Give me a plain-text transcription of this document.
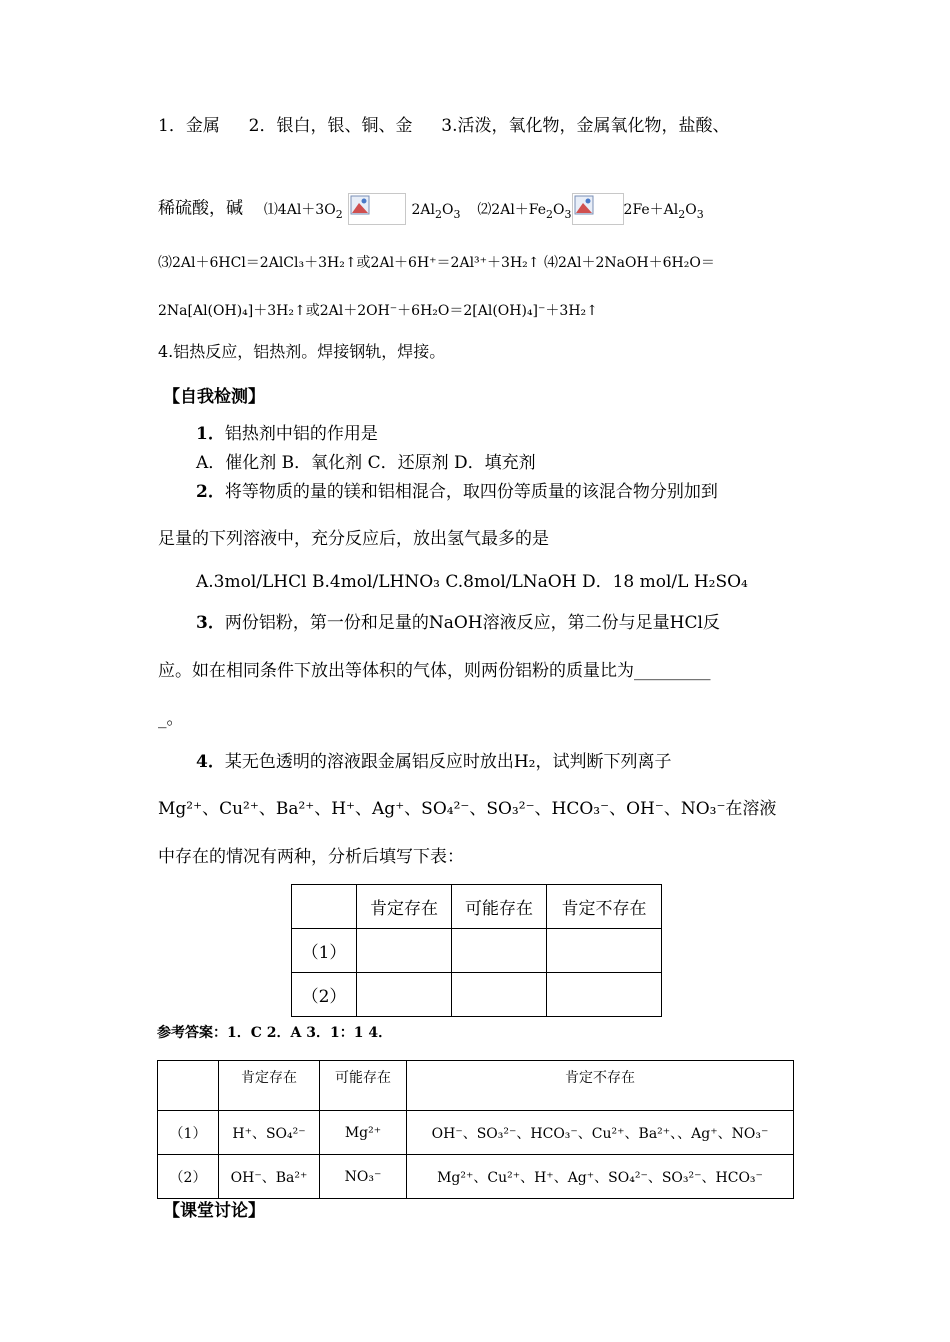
1．金属 2．银白，银、铜、金 3.活泼，氧化物，金属氧化物，盐酸、
稀硫酸，碱 $⑴4Al+3O_2$	$2Al_2O_3$ $⑵2Al+Fe_2O_3$	$2Fe+Al_2O_3$
⑶2Al＋6HCl＝2AlCl₃＋3H₂↑或2Al＋6H⁺＝2Al³⁺＋3H₂↑ ⑷2Al＋2NaOH＋6H₂O＝
2Na[Al(OH)₄]＋3H₂↑或2Al＋2OH⁻＋6H₂O＝2[Al(OH)₄]⁻＋3H₂↑
4.铝热反应，铝热剂。焊接钢轨，焊接。
【自我检测】
1．铝热剂中铝的作用是
A．催化剂 B．氧化剂 C．还原剂 D．填充剂
2．将等物质的量的镁和铝相混合，取四份等质量的该混合物分别加到
足量的下列溶液中，充分反应后，放出氢气最多的是
A.3mol/LHCl B.4mol/LHNO₃ C.8mol/LNaOH D．18 mol/L H₂SO₄
3．两份铝粉，第一份和足量的NaOH溶液反应，第二份与足量HCl反
应。如在相同条件下放出等体积的气体，则两份铝粉的质量比为_________
_。
4．某无色透明的溶液跟金属铝反应时放出H₂，试判断下列离子
Mg²⁺、Cu²⁺、Ba²⁺、H⁺、Ag⁺、SO₄²⁻、SO₃²⁻、HCO₃⁻、OH⁻、NO₃⁻在溶液
中存在的情况有两种，分析后填写下表：
	肯定存在	可能存在	肯定不存在
（1）			
（2）			
参考答案：1．C 2．A 3．1：1 4．
	肯定存在	可能存在	肯定不存在
（1）	H⁺、SO₄²⁻	Mg²⁺	OH⁻、SO₃²⁻、HCO₃⁻、Cu²⁺、Ba²⁺、、Ag⁺、NO₃⁻
（2）	OH⁻、Ba²⁺	NO₃⁻	Mg²⁺、Cu²⁺、H⁺、Ag⁺、SO₄²⁻、SO₃²⁻、HCO₃⁻
【课堂讨论】
